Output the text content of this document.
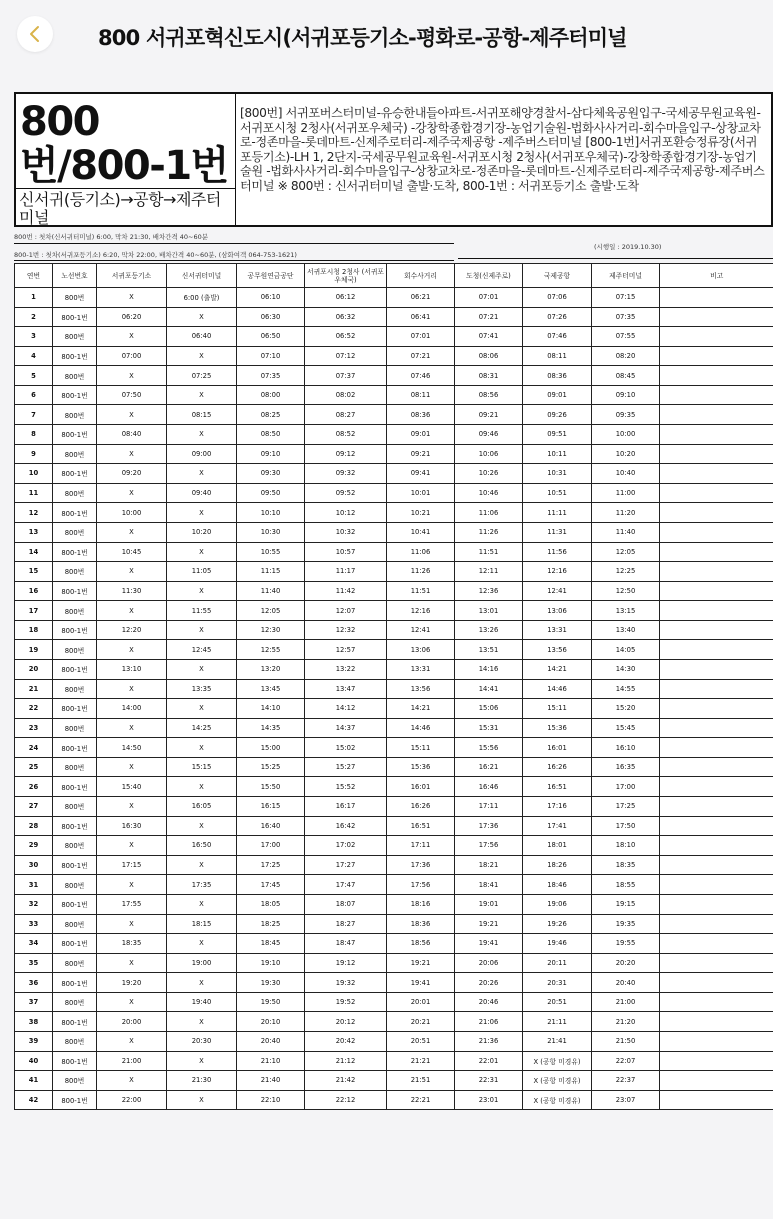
800 서귀포혁신도시(서귀포등기소-평화로-공항-제주터미널
800번/800-1번
신서귀(등기소)→공항→제주터미널
[800번] 서귀포버스터미널-유승한내들아파트-서귀포해양경찰서-삼다체육공원입구-국세공무원교육원-서귀포시청 2청사(서귀포우체국) -강창학종합경기장-농업기술원-법화사사거리-회수마을입구-상창교차로-정존마을-롯데마트-신제주로터리-제주국제공항 -제주버스터미널 [800-1번]서귀포환승정류장(서귀포등기소)-LH 1, 2단지-국세공무원교육원-서귀포시청 2청사(서귀포우체국)-강창학종합경기장-농업기술원 -법화사사거리-회수마을입구-상창교차로-정존마을-롯데마트-신제주로터리-제주국제공항-제주버스터미널 ※ 800번 : 신서귀터미널 출발·도착, 800-1번 : 서귀포등기소 출발·도착
800번 : 첫차(신서귀터미널) 6:00, 막차 21:30, 배차간격 40~60분
(시행일 : 2019.10.30)
800-1번 : 첫차(서귀포등기소) 6:20, 막차 22:00, 배차간격 40~60분, (삼화여객 064-753-1621)
연번	노선번호	서귀포등기소	신서귀터미널	공무원연금공단	서귀포시청 2청사 (서귀포우체국)	회수사거리	도청(신제주로)	국제공항	제주터미널	비고
1	800번	X	6:00 (출발)	06:10	06:12	06:21	07:01	07:06	07:15	
2	800-1번	06:20	X	06:30	06:32	06:41	07:21	07:26	07:35	
3	800번	X	06:40	06:50	06:52	07:01	07:41	07:46	07:55	
4	800-1번	07:00	X	07:10	07:12	07:21	08:06	08:11	08:20	
5	800번	X	07:25	07:35	07:37	07:46	08:31	08:36	08:45	
6	800-1번	07:50	X	08:00	08:02	08:11	08:56	09:01	09:10	
7	800번	X	08:15	08:25	08:27	08:36	09:21	09:26	09:35	
8	800-1번	08:40	X	08:50	08:52	09:01	09:46	09:51	10:00	
9	800번	X	09:00	09:10	09:12	09:21	10:06	10:11	10:20	
10	800-1번	09:20	X	09:30	09:32	09:41	10:26	10:31	10:40	
11	800번	X	09:40	09:50	09:52	10:01	10:46	10:51	11:00	
12	800-1번	10:00	X	10:10	10:12	10:21	11:06	11:11	11:20	
13	800번	X	10:20	10:30	10:32	10:41	11:26	11:31	11:40	
14	800-1번	10:45	X	10:55	10:57	11:06	11:51	11:56	12:05	
15	800번	X	11:05	11:15	11:17	11:26	12:11	12:16	12:25	
16	800-1번	11:30	X	11:40	11:42	11:51	12:36	12:41	12:50	
17	800번	X	11:55	12:05	12:07	12:16	13:01	13:06	13:15	
18	800-1번	12:20	X	12:30	12:32	12:41	13:26	13:31	13:40	
19	800번	X	12:45	12:55	12:57	13:06	13:51	13:56	14:05	
20	800-1번	13:10	X	13:20	13:22	13:31	14:16	14:21	14:30	
21	800번	X	13:35	13:45	13:47	13:56	14:41	14:46	14:55	
22	800-1번	14:00	X	14:10	14:12	14:21	15:06	15:11	15:20	
23	800번	X	14:25	14:35	14:37	14:46	15:31	15:36	15:45	
24	800-1번	14:50	X	15:00	15:02	15:11	15:56	16:01	16:10	
25	800번	X	15:15	15:25	15:27	15:36	16:21	16:26	16:35	
26	800-1번	15:40	X	15:50	15:52	16:01	16:46	16:51	17:00	
27	800번	X	16:05	16:15	16:17	16:26	17:11	17:16	17:25	
28	800-1번	16:30	X	16:40	16:42	16:51	17:36	17:41	17:50	
29	800번	X	16:50	17:00	17:02	17:11	17:56	18:01	18:10	
30	800-1번	17:15	X	17:25	17:27	17:36	18:21	18:26	18:35	
31	800번	X	17:35	17:45	17:47	17:56	18:41	18:46	18:55	
32	800-1번	17:55	X	18:05	18:07	18:16	19:01	19:06	19:15	
33	800번	X	18:15	18:25	18:27	18:36	19:21	19:26	19:35	
34	800-1번	18:35	X	18:45	18:47	18:56	19:41	19:46	19:55	
35	800번	X	19:00	19:10	19:12	19:21	20:06	20:11	20:20	
36	800-1번	19:20	X	19:30	19:32	19:41	20:26	20:31	20:40	
37	800번	X	19:40	19:50	19:52	20:01	20:46	20:51	21:00	
38	800-1번	20:00	X	20:10	20:12	20:21	21:06	21:11	21:20	
39	800번	X	20:30	20:40	20:42	20:51	21:36	21:41	21:50	
40	800-1번	21:00	X	21:10	21:12	21:21	22:01	X (공항 미경유)	22:07	
41	800번	X	21:30	21:40	21:42	21:51	22:31	X (공항 미경유)	22:37	
42	800-1번	22:00	X	22:10	22:12	22:21	23:01	X (공항 미경유)	23:07	
